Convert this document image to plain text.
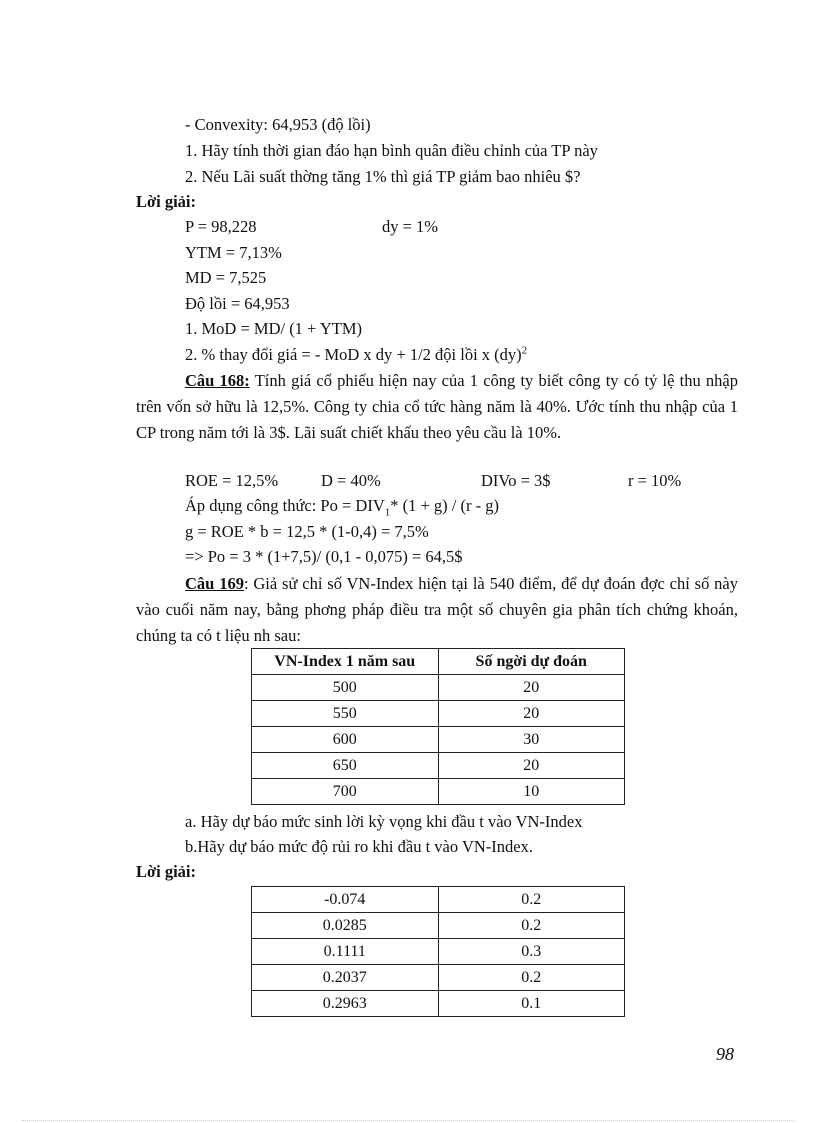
- Convexity: 64,953 (độ lồi)
1. Hãy tính thời gian đáo hạn bình quân điều chỉnh của TP này
2. Nếu Lãi suất thờng tăng 1% thì giá TP giảm bao nhiêu $?
Lời giải:
P = 98,228	dy = 1%
YTM = 7,13%
MD = 7,525
Độ lồi = 64,953
1. MoD = MD/ (1 + YTM)
2. % thay đổi giá = - MoD x dy + 1/2 đội lồi x (dy)$^2$
Câu 168: Tính giá cổ phiếu hiện nay của 1 công ty biết công ty có tỷ lệ thu nhập trên vốn sở hữu là 12,5%. Công ty chia cổ tức hàng năm là 40%. Ước tính thu nhập của 1 CP trong năm tới là 3$. Lãi suất chiết khấu theo yêu cầu là 10%.
ROE = 12,5%	D = 40%	DIVo = 3$	r = 10%
Áp dụng công thức: $Po = DIV_1*$ (1 + g) / (r - g)
g = ROE * b = 12,5 * (1-0,4) = 7,5%
=> Po = 3 * (1+7,5)/ (0,1 - 0,075) = 64,5$
Câu 169: Giả sử chỉ số VN-Index hiện tại là 540 điểm, để dự đoán đợc chỉ số này vào cuối năm nay, bằng phơng pháp điều tra một số chuyên gia phân tích chứng khoán, chúng ta có t liệu nh sau:
VN-Index 1 năm sau	Số ngời dự đoán
500	20
550	20
600	30
650	20
700	10
a. Hãy dự báo mức sinh lời kỳ vọng khi đầu t vào VN-Index
b.Hãy dự báo mức độ rủi ro khi đầu t vào VN-Index.
Lời giải:
-0.074	0.2
0.0285	0.2
0.1111	0.3
0.2037	0.2
0.2963	0.1
98
